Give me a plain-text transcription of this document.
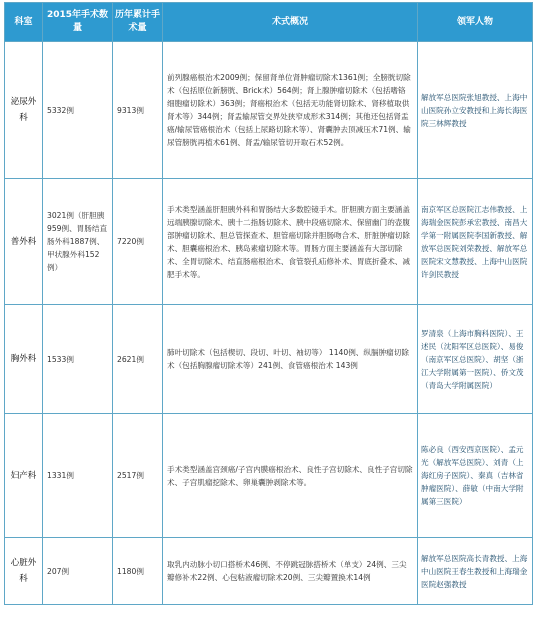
科室	2015年手术数量	历年累计手术量	术式概况	领军人物
泌尿外科	5332例	9313例	前列腺癌根治术2009例；保留肾单位肾肿瘤切除术1361例；全膀胱切除术（包括原位新膀胱、Brick术）564例；肾上腺肿瘤切除术（包括嗜铬细胞瘤切除术）363例；肾癌根治术（包括无功能肾切除术、肾移植取供肾术等）344例；肾盂输尿管交界处狭窄成形术314例；其他还包括肾盂癌/输尿管癌根治术（包括上尿路切除术等）、肾囊肿去顶减压术71例、输尿管膀胱再植术61例、肾盂/输尿管切开取石术52例。	解放军总医院张旭教授、上海中山医院孙立安教授和上海长海医院三林辉教授
普外科	3021例（肝胆胰959例、胃肠结直肠外科1887例、甲状腺外科152例）	7220例	手术类型涵盖肝胆胰外科和胃肠结大多数腔镜手术。肝胆胰方面主要涵盖远端胰腺切除术、胰十二指肠切除术、胰中段癌切除术、保留幽门的壶腹部肿瘤切除术、胆总管探查术、胆管癌切除并胆肠吻合术、肝脏肿瘤切除术、胆囊癌根治术、胰岛素瘤切除术等。胃肠方面主要涵盖有大部切除术、全胃切除术、结直肠癌根治术、食管裂孔疝修补术、胃底折叠术、减肥手术等。	南京军区总医院江志伟教授、上海瑞金医院彭承宏教授、南昌大学第一附属医院李国新教授、解放军总医院刘荣教授、解放军总医院宋文慧教授、上海中山医院许剑民教授
胸外科	1533例	2621例	肺叶切除术（包括楔切、段切、叶切、袖切等） 1140例、纵膈肿瘤切除术（包括胸腺瘤切除术等）241例、食管癌根治术 143例	罗清泉（上海市胸科医院）、王述民（沈阳军区总医院）、易俊（南京军区总医院）、胡坚（浙江大学附属第一医院）、侨文茂（青岛大学附属医院）
妇产科	1331例	2517例	手术类型涵盖宫颈癌/子宫内膜癌根治术、良性子宫切除术、良性子宫切除术、子宫肌瘤挖除术、卵巢囊肿剥除术等。	陈必良（西安西京医院）、孟元光（解放军总医院）、刘青（上海红房子医院）、秦真（吉林省肿瘤医院）、薛敏（中南大学附属第三医院）
心脏外科	207例	1180例	取乳内动脉小切口搭桥术46例、不停跳冠脉搭桥术（单支）24例、三尖瓣修补术22例、心包粘液瘤切除术20例、三尖瓣置换术14例	解放军总医院高长青教授、上海中山医院王春生教授和上海瑞金医院赵强教授
